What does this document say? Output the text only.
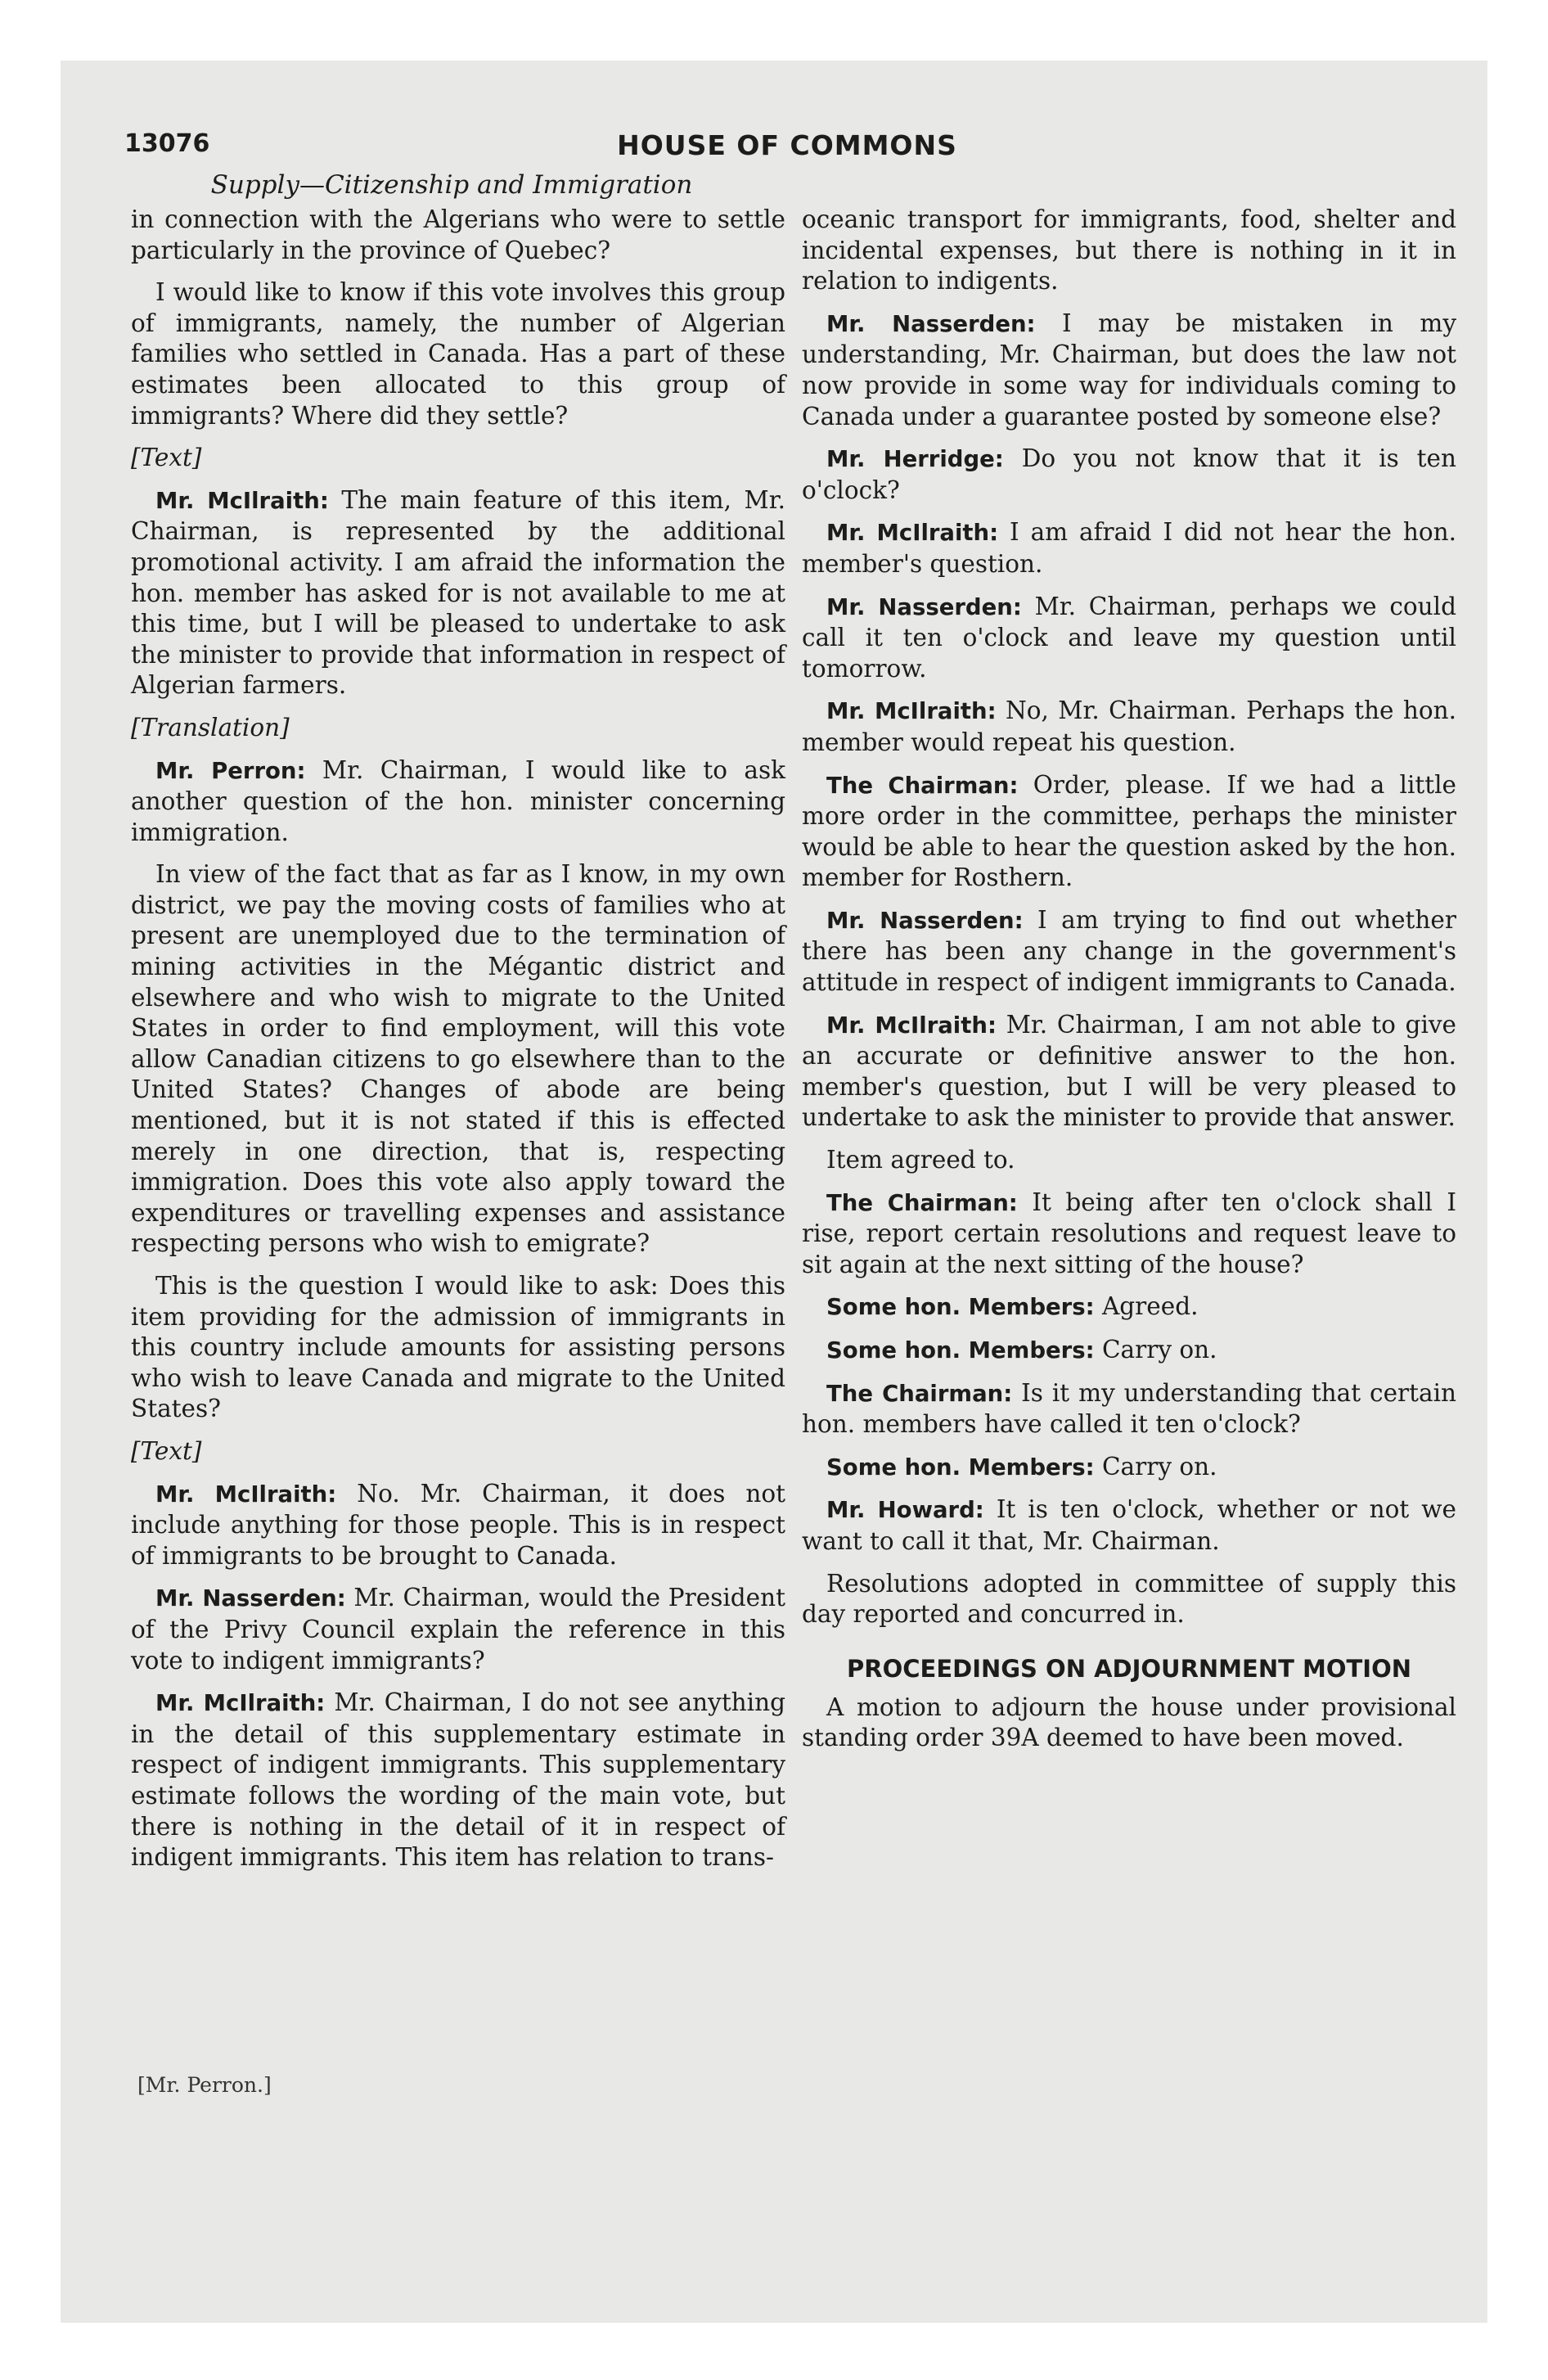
13076	HOUSE OF COMMONS
Supply—Citizenship and Immigration

in connection with the Algerians who were to settle particularly in the province of Quebec?

I would like to know if this vote involves this group of immigrants, namely, the number of Algerian families who settled in Canada. Has a part of these estimates been allocated to this group of immigrants? Where did they settle?

[Text]

Mr. McIlraith: The main feature of this item, Mr. Chairman, is represented by the additional promotional activity. I am afraid the information the hon. member has asked for is not available to me at this time, but I will be pleased to undertake to ask the minister to provide that information in respect of Algerian farmers.

[Translation]

Mr. Perron: Mr. Chairman, I would like to ask another question of the hon. minister concerning immigration.

In view of the fact that as far as I know, in my own district, we pay the moving costs of families who at present are unemployed due to the termination of mining activities in the Mégantic district and elsewhere and who wish to migrate to the United States in order to find employment, will this vote allow Canadian citizens to go elsewhere than to the United States? Changes of abode are being mentioned, but it is not stated if this is effected merely in one direction, that is, respecting immigration. Does this vote also apply toward the expenditures or travelling expenses and assistance respecting persons who wish to emigrate?

This is the question I would like to ask: Does this item providing for the admission of immigrants in this country include amounts for assisting persons who wish to leave Canada and migrate to the United States?

[Text]

Mr. McIlraith: No. Mr. Chairman, it does not include anything for those people. This is in respect of immigrants to be brought to Canada.

Mr. Nasserden: Mr. Chairman, would the President of the Privy Council explain the reference in this vote to indigent immigrants?

Mr. McIlraith: Mr. Chairman, I do not see anything in the detail of this supplementary estimate in respect of indigent immigrants. This supplementary estimate follows the wording of the main vote, but there is nothing in the detail of it in respect of indigent immigrants. This item has relation to trans-

oceanic transport for immigrants, food, shelter and incidental expenses, but there is nothing in it in relation to indigents.

Mr. Nasserden: I may be mistaken in my understanding, Mr. Chairman, but does the law not now provide in some way for individuals coming to Canada under a guarantee posted by someone else?

Mr. Herridge: Do you not know that it is ten o'clock?

Mr. McIlraith: I am afraid I did not hear the hon. member's question.

Mr. Nasserden: Mr. Chairman, perhaps we could call it ten o'clock and leave my question until tomorrow.

Mr. McIlraith: No, Mr. Chairman. Perhaps the hon. member would repeat his question.

The Chairman: Order, please. If we had a little more order in the committee, perhaps the minister would be able to hear the question asked by the hon. member for Rosthern.

Mr. Nasserden: I am trying to find out whether there has been any change in the government's attitude in respect of indigent immigrants to Canada.

Mr. McIlraith: Mr. Chairman, I am not able to give an accurate or definitive answer to the hon. member's question, but I will be very pleased to undertake to ask the minister to provide that answer.

Item agreed to.

The Chairman: It being after ten o'clock shall I rise, report certain resolutions and request leave to sit again at the next sitting of the house?

Some hon. Members: Agreed.

Some hon. Members: Carry on.

The Chairman: Is it my understanding that certain hon. members have called it ten o'clock?

Some hon. Members: Carry on.

Mr. Howard: It is ten o'clock, whether or not we want to call it that, Mr. Chairman.

Resolutions adopted in committee of supply this day reported and concurred in.

PROCEEDINGS ON ADJOURNMENT MOTION

A motion to adjourn the house under provisional standing order 39A deemed to have been moved.

[Mr. Perron.]
